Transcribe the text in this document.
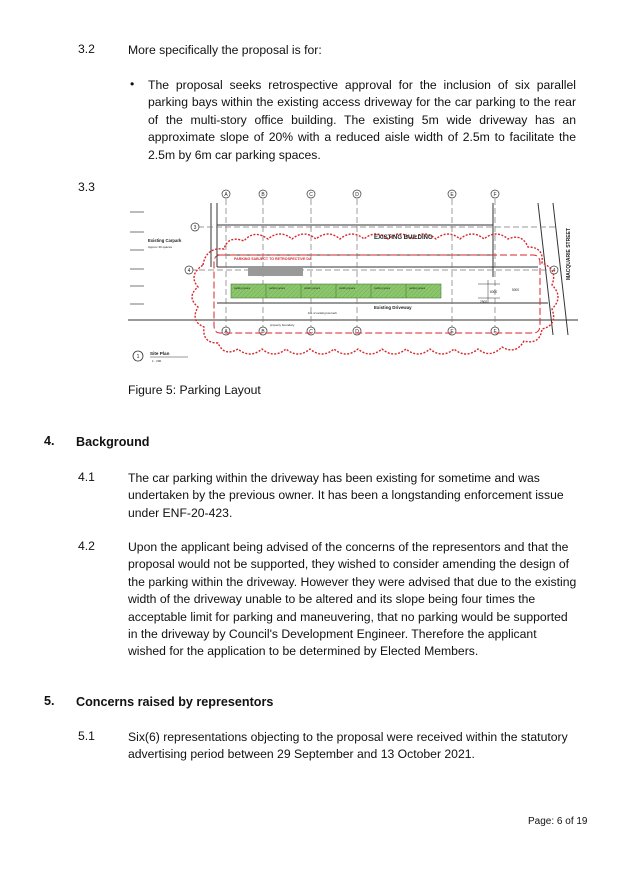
3.2	More specifically the proposal is for:
• The proposal seeks retrospective approval for the inclusion of six parallel
parking bays within the existing access driveway for the car parking to the rear
of the multi-story office building. The existing 5m wide driveway has an
approximate slope of 20% with a reduced aisle width of 2.5m to facilitate the
2.5m by 6m car parking spaces.
3.3
A	B	C	D	E	F
A	B	C	D	E	F
3
4	4
parking space	parking space	parking space	parking space	parking space	parking space	5000
2500
6000
EXISTING BUILDING
Existing Carpark
Approx 30 spaces
PARKING SUBJECT TO RETROSPECTIVE DA
Existing Driveway
line of existing low kerb
property boundary
MACQUARIE STREET
1
Site Plan
1 : 200
Figure 5: Parking Layout
4. Background
4.1	The car parking within the driveway has been existing for sometime and was
undertaken by the previous owner. It has been a longstanding enforcement issue
under ENF-20-423.
4.2	Upon the applicant being advised of the concerns of the representors and that the
proposal would not be supported, they wished to consider amending the design of
the parking within the driveway. However they were advised that due to the existing
width of the driveway unable to be altered and its slope being four times the
acceptable limit for parking and maneuvering, that no parking would be supported
in the driveway by Council's Development Engineer. Therefore the applicant
wished for the application to be determined by Elected Members.
5. Concerns raised by representors
5.1	Six(6) representations objecting to the proposal were received within the statutory
advertising period between 29 September and 13 October 2021.
Page: 6 of 19
